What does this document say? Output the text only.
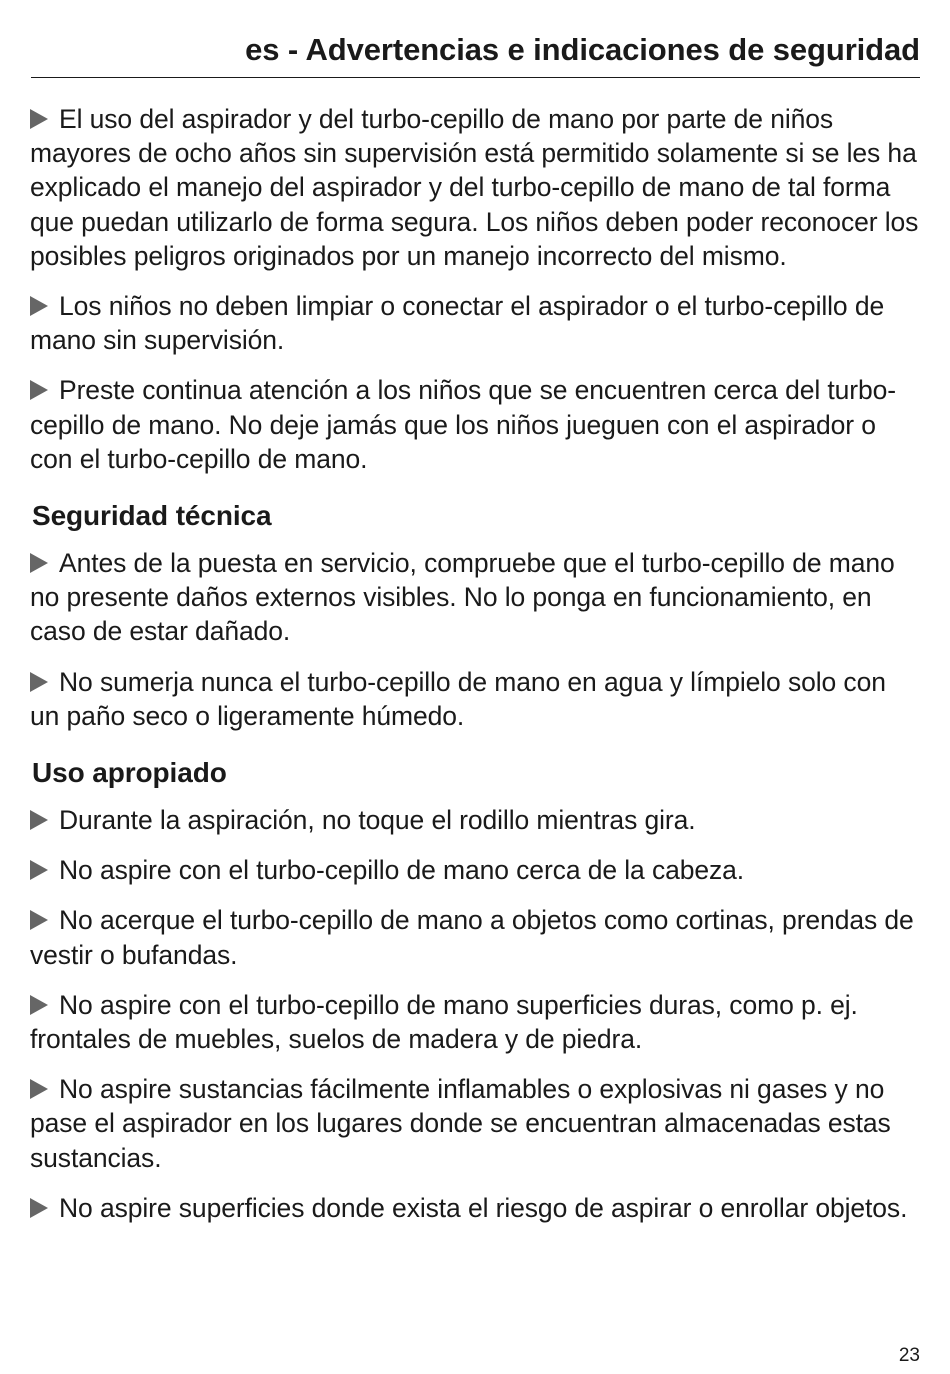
es - Advertencias e indicaciones de seguridad

El uso del aspirador y del turbo-cepillo de mano por parte de niños mayores de ocho años sin supervisión está permitido solamente si se les ha explicado el manejo del aspirador y del turbo-cepillo de mano de tal forma que puedan utilizarlo de forma segura. Los niños deben poder reconocer los posibles peligros originados por un manejo incorrecto del mismo.

Los niños no deben limpiar o conectar el aspirador o el turbo-cepillo de mano sin supervisión.

Preste continua atención a los niños que se encuentren cerca del turbo-cepillo de mano. No deje jamás que los niños jueguen con el aspirador o con el turbo-cepillo de mano.

Seguridad técnica

Antes de la puesta en servicio, compruebe que el turbo-cepillo de mano no presente daños externos visibles. No lo ponga en funcionamiento, en caso de estar dañado.

No sumerja nunca el turbo-cepillo de mano en agua y límpielo solo con un paño seco o ligeramente húmedo.

Uso apropiado

Durante la aspiración, no toque el rodillo mientras gira.

No aspire con el turbo-cepillo de mano cerca de la cabeza.

No acerque el turbo-cepillo de mano a objetos como cortinas, prendas de vestir o bufandas.

No aspire con el turbo-cepillo de mano superficies duras, como p. ej. frontales de muebles, suelos de madera y de piedra.

No aspire sustancias fácilmente inflamables o explosivas ni gases y no pase el aspirador en los lugares donde se encuentran almacenadas estas sustancias.

No aspire superficies donde exista el riesgo de aspirar o enrollar objetos.

23
